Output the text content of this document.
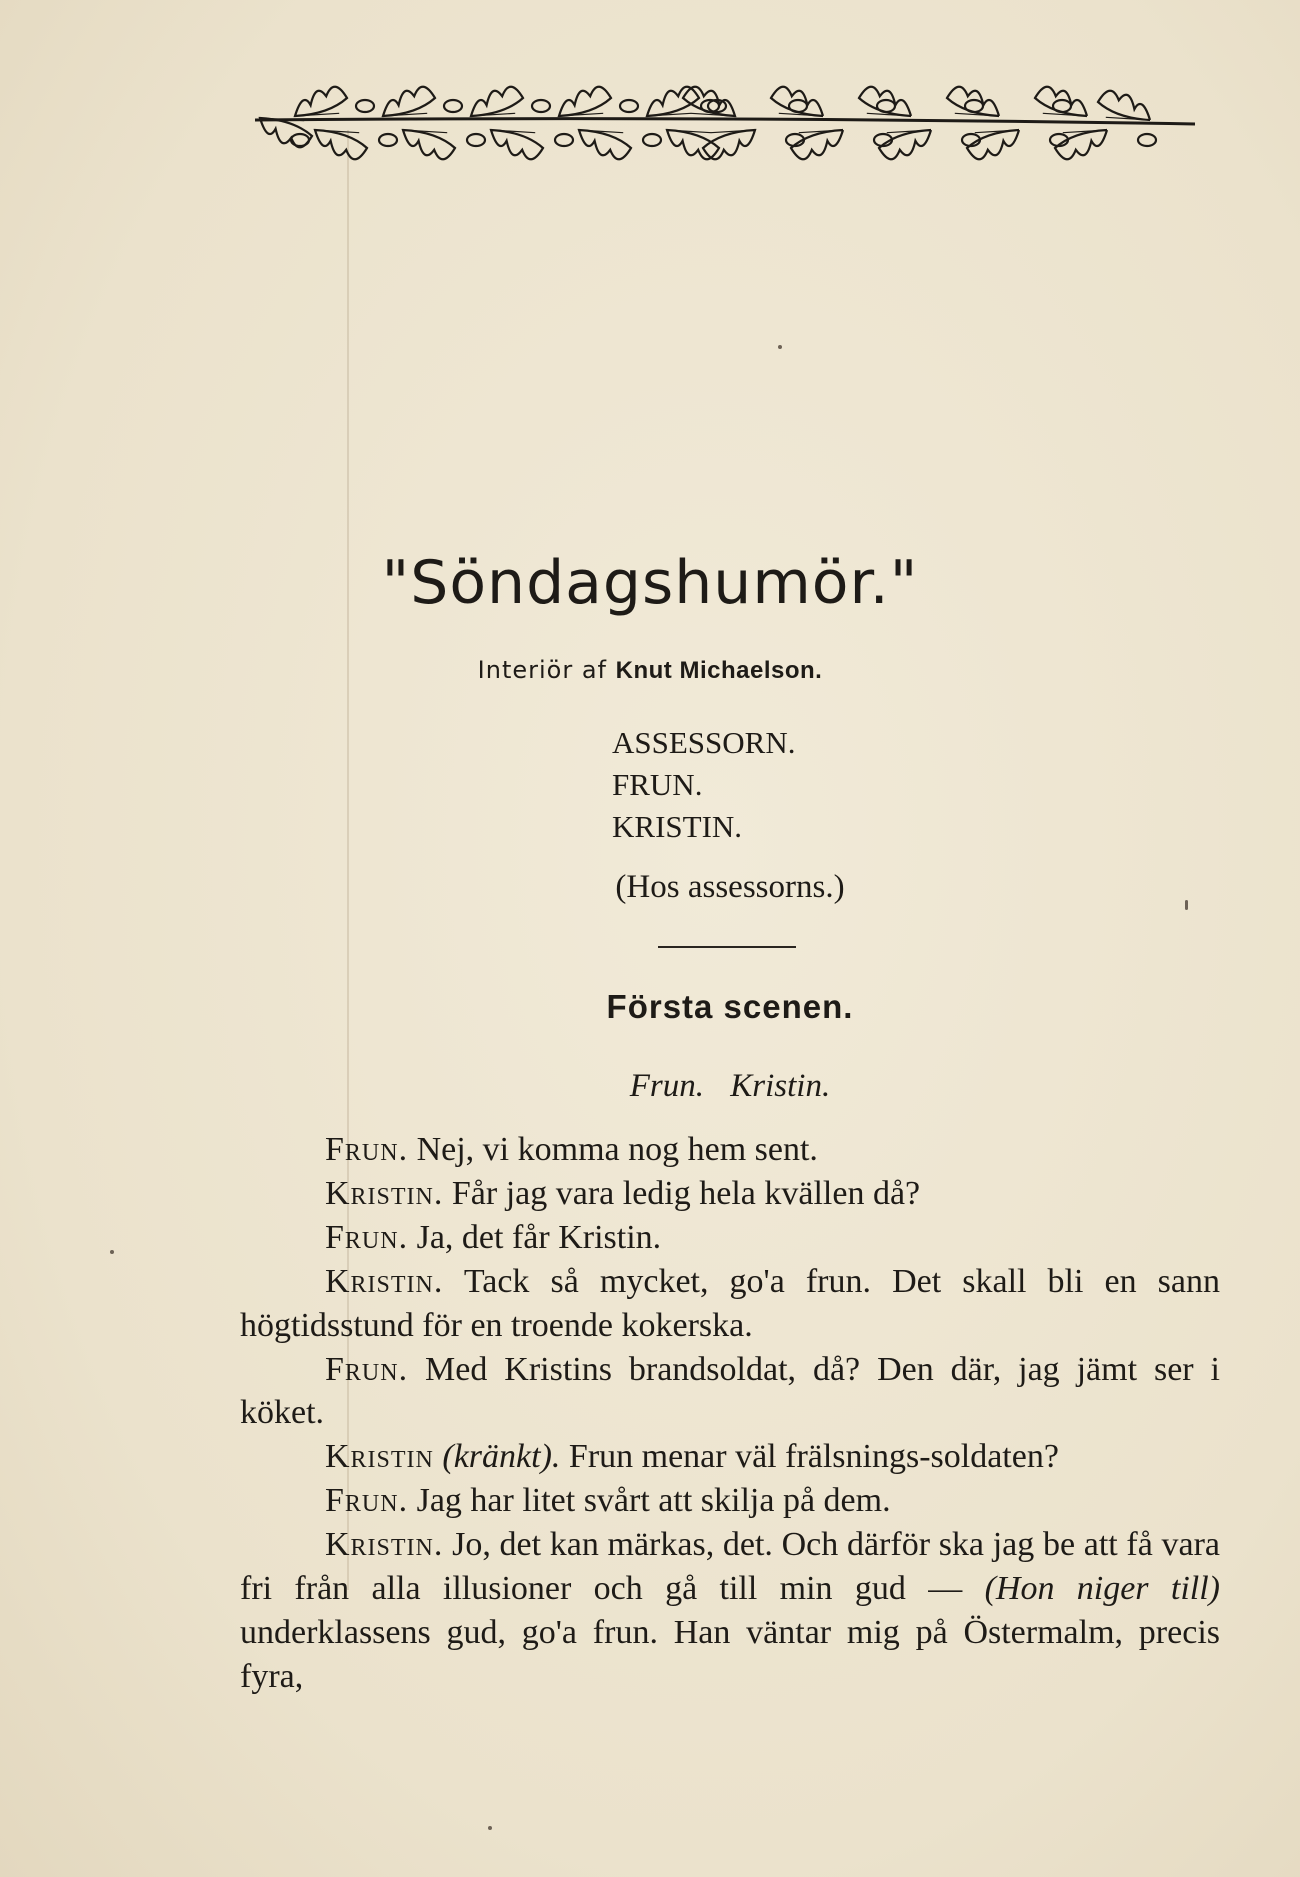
"Söndagshumör."
Interiör af Knut Michaelson.
ASSESSORN.
FRUN.
KRISTIN.
(Hos assessorns.)
Första scenen.
Frun. Kristin.

Frun. Nej, vi komma nog hem sent.

Kristin. Får jag vara ledig hela kvällen då?

Frun. Ja, det får Kristin.

Kristin. Tack så mycket, go'a frun. Det skall bli en sann högtidsstund för en troende kokerska.

Frun. Med Kristins brandsoldat, då? Den där, jag jämt ser i köket.

Kristin (kränkt). Frun menar väl frälsnings-soldaten?

Frun. Jag har litet svårt att skilja på dem.

Kristin. Jo, det kan märkas, det. Och därför ska jag be att få vara fri från alla illusioner och gå till min gud — (Hon niger till) underklassens gud, go'a frun. Han väntar mig på Östermalm, precis fyra,
